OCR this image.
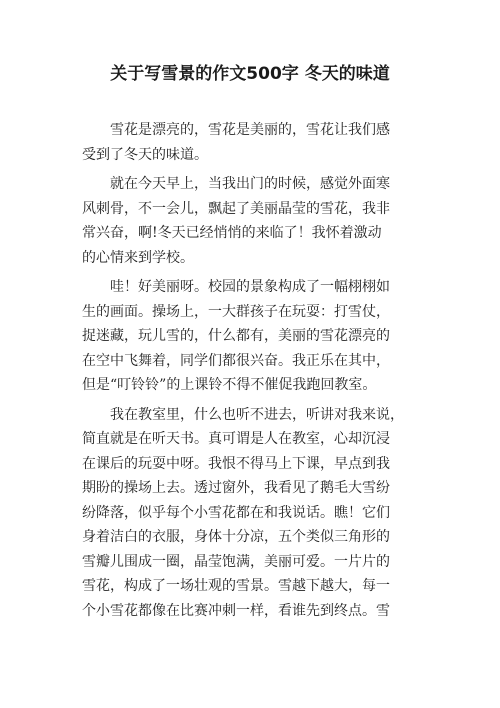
关于写雪景的作文500字 冬天的味道

雪花是漂亮的，雪花是美丽的，雪花让我们感
受到了冬天的味道。

就在今天早上，当我出门的时候，感觉外面寒
风刺骨，不一会儿，飘起了美丽晶莹的雪花，我非
常兴奋，啊!冬天已经悄悄的来临了！我怀着激动
的心情来到学校。

哇！好美丽呀。校园的景象构成了一幅栩栩如
生的画面。操场上，一大群孩子在玩耍：打雪仗，
捉迷藏，玩儿雪的，什么都有，美丽的雪花漂亮的
在空中飞舞着，同学们都很兴奋。我正乐在其中，
但是“叮铃铃”的上课铃不得不催促我跑回教室。

我在教室里，什么也听不进去，听讲对我来说，
简直就是在听天书。真可谓是人在教室，心却沉浸
在课后的玩耍中呀。我恨不得马上下课，早点到我
期盼的操场上去。透过窗外，我看见了鹅毛大雪纷
纷降落，似乎每个小雪花都在和我说话。瞧！它们
身着洁白的衣服，身体十分凉，五个类似三角形的
雪瓣儿围成一圈，晶莹饱满，美丽可爱。一片片的
雪花，构成了一场壮观的雪景。雪越下越大，每一
个小雪花都像在比赛冲刺一样，看谁先到终点。雪
